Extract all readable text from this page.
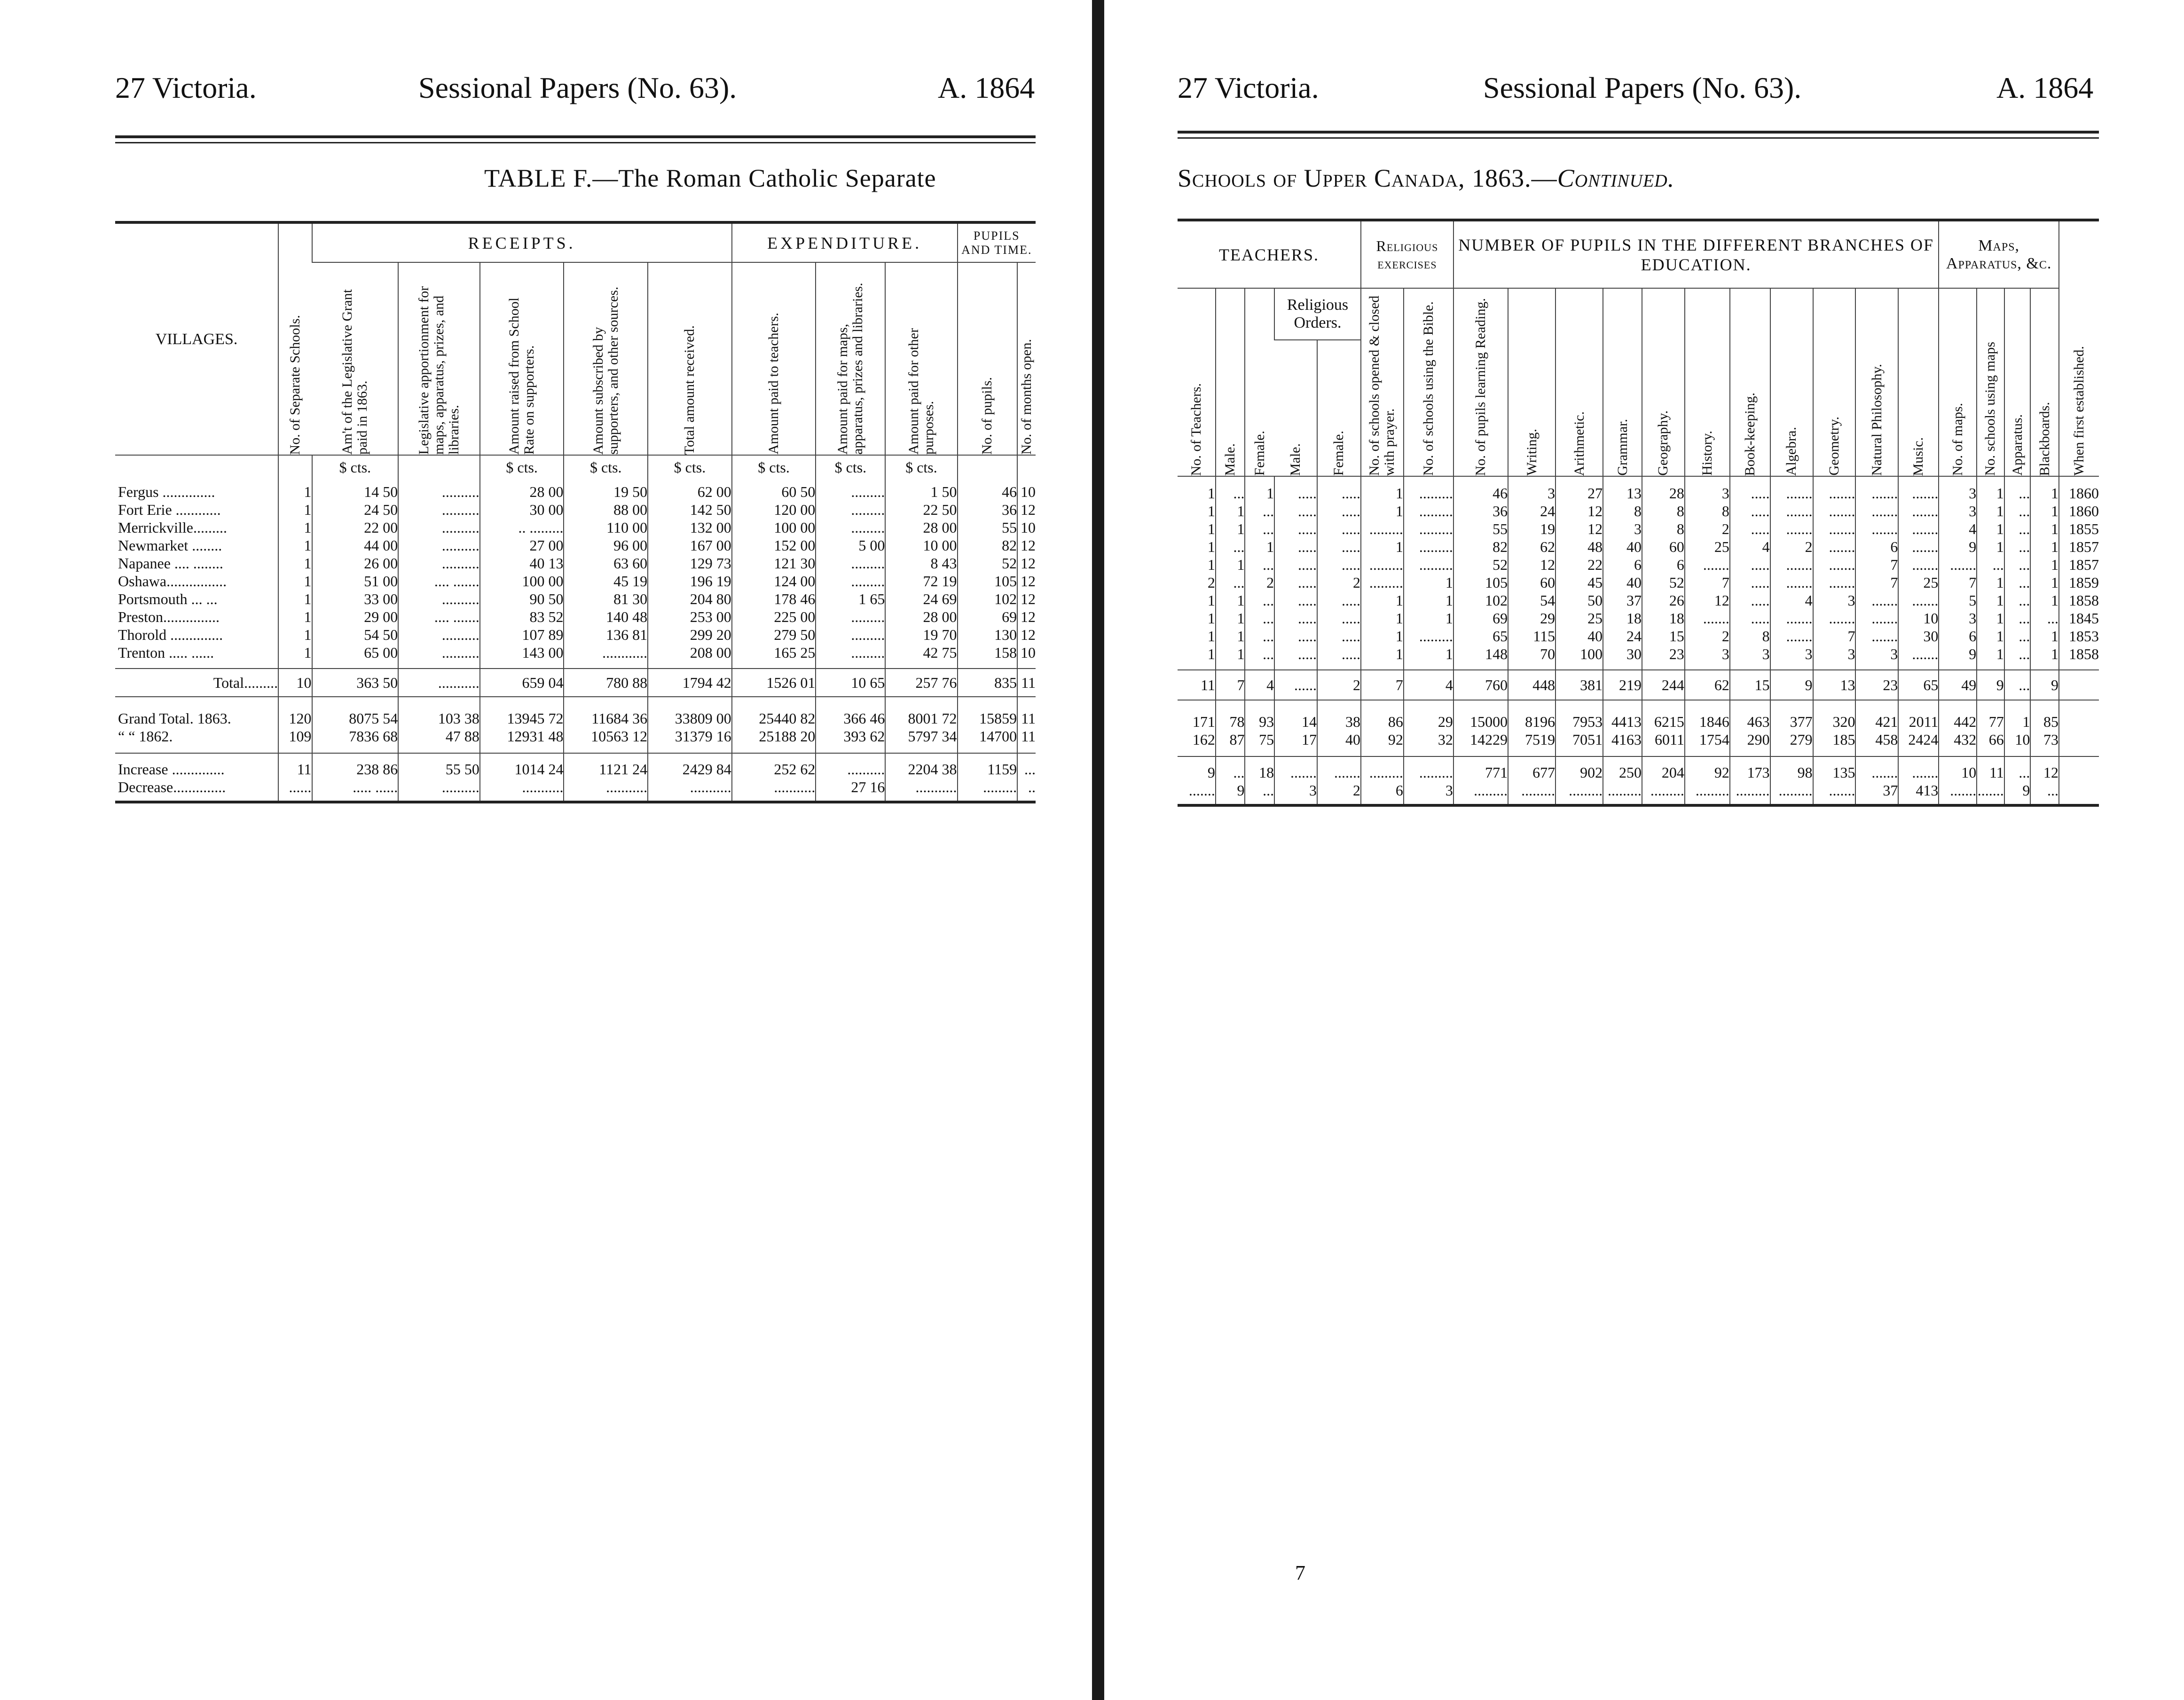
27 Victoria.	Sessional Papers (No. 63).	A. 1864
TABLE F.—The Roman Catholic Separate
VILLAGES.	No. of Separate Schools.	RECEIPTS.					EXPENDITURE.			PUPILS AND TIME.	

		Am't of the Legislative Grant paid in 1863.	Legislative apportionment for maps, apparatus, prizes, and libraries.	Amount raised from School Rate on supporters.	Amount subscribed by supporters, and other sources.	Total amount received.	Amount paid to teachers.	Amount paid for maps, apparatus, prizes and libraries.	Amount paid for other purposes.	No. of pupils.	No. of months open.

		$ cts.		$ cts.	$ cts.	$ cts.	$ cts.	$ cts.	$ cts.		
Fergus ..............	1	14 50	..........	28 00	19 50	62 00	60 50	.........	1 50	46	10
Fort Erie ............	1	24 50	..........	30 00	88 00	142 50	120 00	.........	22 50	36	12
Merrickville.........	1	22 00	..........	.. .........	110 00	132 00	100 00	.........	28 00	55	10
Newmarket ........	1	44 00	..........	27 00	96 00	167 00	152 00	5 00	10 00	82	12
Napanee .... ........	1	26 00	..........	40 13	63 60	129 73	121 30	.........	8 43	52	12
Oshawa................	1	51 00	.... .......	100 00	45 19	196 19	124 00	.........	72 19	105	12
Portsmouth ... ...	1	33 00	..........	90 50	81 30	204 80	178 46	1 65	24 69	102	12
Preston...............	1	29 00	.... .......	83 52	140 48	253 00	225 00	.........	28 00	69	12
Thorold ..............	1	54 50	..........	107 89	136 81	299 20	279 50	.........	19 70	130	12
Trenton ..... ......	1	65 00	..........	143 00	............	208 00	165 25	.........	42 75	158	10
Total.........	10	363 50	...........	659 04	780 88	1794 42	1526 01	10 65	257 76	835	11
Grand Total. 1863.	120	8075 54	103 38	13945 72	11684 36	33809 00	25440 82	366 46	8001 72	15859	11
“ “ 1862.	109	7836 68	47 88	12931 48	10563 12	31379 16	25188 20	393 62	5797 34	14700	11
Increase ..............	11	238 86	55 50	1014 24	1121 24	2429 84	252 62	..........	2204 38	1159	...
Decrease..............	......	..... ......	..........	...........	...........	...........	...........	27 16	...........	.........	..
27 Victoria.	Sessional Papers (No. 63).	A. 1864
Schools of Upper Canada, 1863.—Continued.
TEACHERS.					Religious exercises		NUMBER OF PUPILS IN THE DIFFERENT BRANCHES OF EDUCATION.											Maps, Apparatus, &c.				When first established.

No. of Teachers.	Male.	Female.	Religious Orders.		No. of schools opened & closed with prayer.	No. of schools using the Bible.	No. of pupils learning Reading.	Writing.	Arithmetic.	Grammar.	Geography.	History.	Book-keeping.	Algebra.	Geometry.	Natural Philosophy.	Music.	No. of maps.	No. schools using maps	Apparatus.	Blackboards.	

			Male.	Female.																		

1	...	1	.....	.....	1	.........	46	3	27	13	28	3	.....	.......	.......	.......	.......	3	1	...	1	1860
1	1	...	.....	.....	1	.........	36	24	12	8	8	8	.....	.......	.......	.......	.......	3	1	...	1	1860
1	1	...	.....	.....	.........	.........	55	19	12	3	8	2	.....	.......	.......	.......	.......	4	1	...	1	1855
1	...	1	.....	.....	1	.........	82	62	48	40	60	25	4	2	.......	6	.......	9	1	...	1	1857
1	1	...	.....	.....	.........	.........	52	12	22	6	6	.......	.....	.......	.......	7	.......	.......	...	...	1	1857
2	...	2	.....	2	.........	1	105	60	45	40	52	7	.....	.......	.......	7	25	7	1	...	1	1859
1	1	...	.....	.....	1	1	102	54	50	37	26	12	.....	4	3	.......	.......	5	1	...	1	1858
1	1	...	.....	.....	1	1	69	29	25	18	18	.......	.....	.......	.......	.......	10	3	1	...	...	1845
1	1	...	.....	.....	1	.........	65	115	40	24	15	2	8	.......	7	.......	30	6	1	...	1	1853
1	1	...	.....	.....	1	1	148	70	100	30	23	3	3	3	3	3	.......	9	1	...	1	1858
11	7	4	......	2	7	4	760	448	381	219	244	62	15	9	13	23	65	49	9	...	9	
171	78	93	14	38	86	29	15000	8196	7953	4413	6215	1846	463	377	320	421	2011	442	77	1	85	
162	87	75	17	40	92	32	14229	7519	7051	4163	6011	1754	290	279	185	458	2424	432	66	10	73	
9	...	18	.......	.......	.........	.........	771	677	902	250	204	92	173	98	135	.......	.......	10	11	...	12	
.......	9	...	3	2	6	3	.........	.........	.........	.........	.........	.........	.........	.........	.......	37	413	.......	.......	9	...	
7
